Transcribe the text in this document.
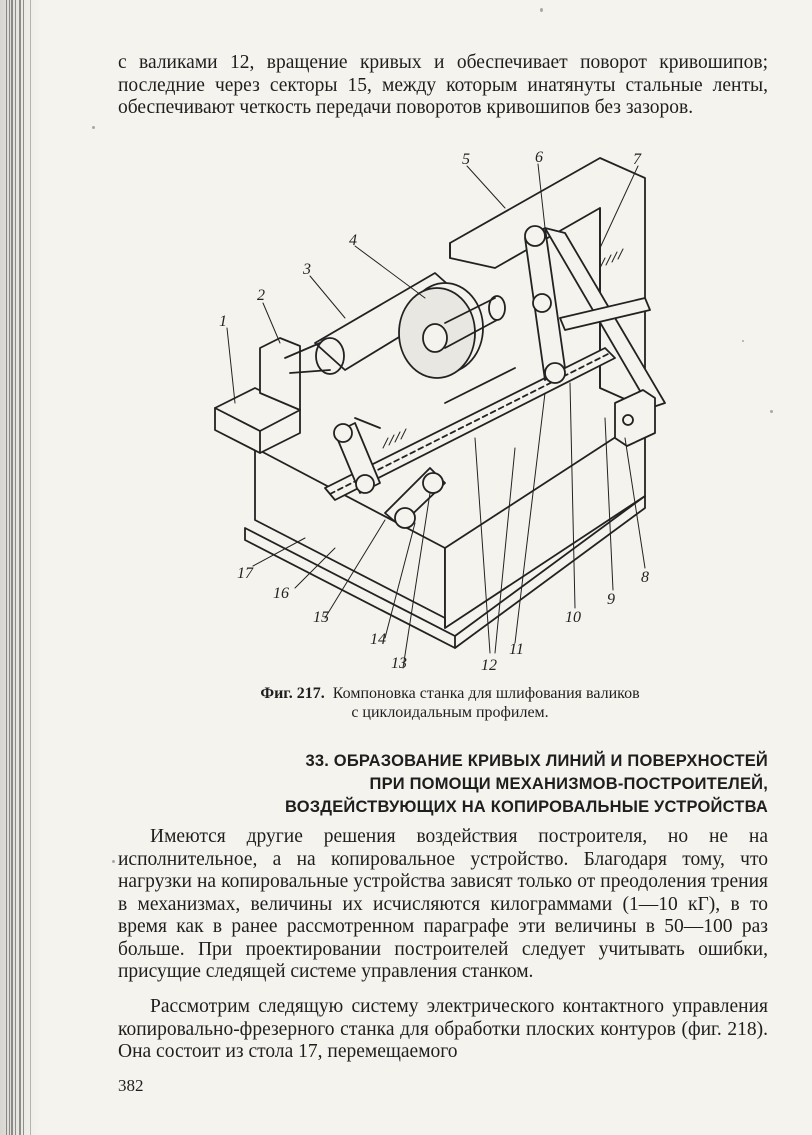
с валиками 12, вращение кривых и обеспечивает поворот кривошипов; последние через секторы 15, между которым инатянуты стальные ленты, обеспечивают четкость передачи поворотов кривошипов без зазоров.

1
2
3
4
5	6	7
8
9
10
11
12
13
14
15
16
17
Фиг. 217. Компоновка станка для шлифования валиков
с циклоидальным профилем.
33. ОБРАЗОВАНИЕ КРИВЫХ ЛИНИЙ И ПОВЕРХНОСТЕЙ
ПРИ ПОМОЩИ МЕХАНИЗМОВ-ПОСТРОИТЕЛЕЙ,
ВОЗДЕЙСТВУЮЩИХ НА КОПИРОВАЛЬНЫЕ УСТРОЙСТВА

Имеются другие решения воздействия построителя, но не на исполнительное, а на копировальное устройство. Благодаря тому, что нагрузки на копировальные устройства зависят только от преодоления трения в механизмах, величины их исчисляются килограммами (1—10 кГ), в то время как в ранее рассмотренном параграфе эти величины в 50—100 раз больше. При проектировании построителей следует учитывать ошибки, присущие следящей системе управления станком.

Рассмотрим следящую систему электрического контактного управления копировально-фрезерного станка для обработки плоских контуров (фиг. 218). Она состоит из стола 17, перемещаемого

382
